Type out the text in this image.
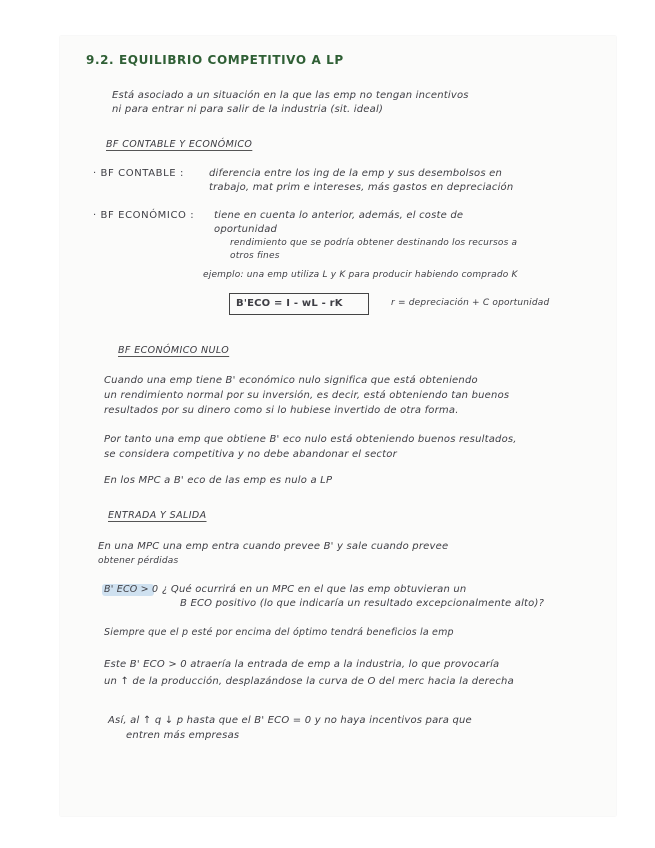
9.2. EQUILIBRIO COMPETITIVO A LP
Está asociado a un situación en la que las emp no tengan incentivos
ni para entrar ni para salir de la industria (sit. ideal)
BF CONTABLE Y ECONÓMICO
· BF CONTABLE :	diferencia entre los ing de la emp y sus desembolsos en
trabajo, mat prim e intereses, más gastos en depreciación
· BF ECONÓMICO : tiene en cuenta lo anterior, además, el coste de
oportunidad
rendimiento que se podría obtener destinando los recursos a
otros fines
ejemplo: una emp utiliza L y K para producir habiendo comprado K
B'ECO = I - wL - rK	r = depreciación + C oportunidad
BF ECONÓMICO NULO
Cuando una emp tiene B' económico nulo significa que está obteniendo
un rendimiento normal por su inversión, es decir, está obteniendo tan buenos
resultados por su dinero como si lo hubiese invertido de otra forma.
Por tanto una emp que obtiene B' eco nulo está obteniendo buenos resultados,
se considera competitiva y no debe abandonar el sector
En los MPC a B' eco de las emp es nulo a LP
ENTRADA Y SALIDA
En una MPC una emp entra cuando prevee B' y sale cuando prevee
obtener pérdidas
B' ECO > 0 ¿ Qué ocurrirá en un MPC en el que las emp obtuvieran un
B ECO positivo (lo que indicaría un resultado excepcionalmente alto)?
Siempre que el p esté por encima del óptimo tendrá beneficios la emp
Este B' ECO > 0 atraería la entrada de emp a la industria, lo que provocaría
un ↑ de la producción, desplazándose la curva de O del merc hacia la derecha
Así, al ↑ q ↓ p hasta que el B' ECO = 0 y no haya incentivos para que
entren más empresas
